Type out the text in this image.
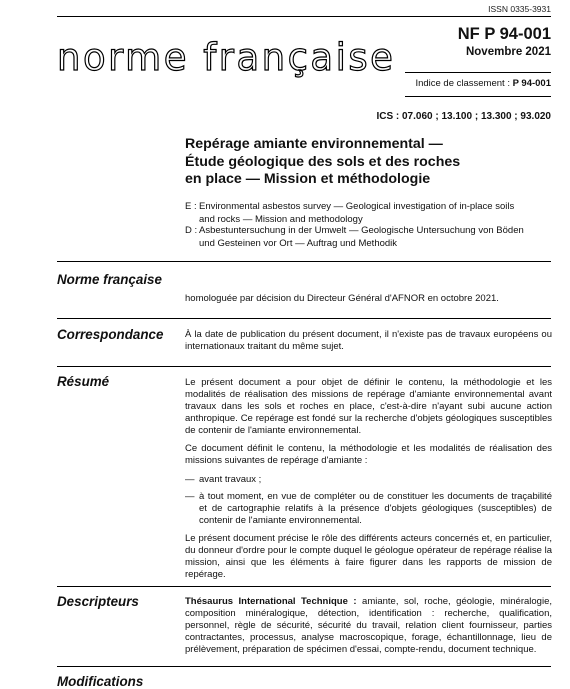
ISSN 0335-3931
norme française
NF P 94-001
Novembre 2021
Indice de classement : P 94-001
ICS : 07.060 ; 13.100 ; 13.300 ; 93.020
Repérage amiante environnemental —
Étude géologique des sols et des roches
en place — Mission et méthodologie
E : Environmental asbestos survey — Geological investigation of in-place soils
and rocks — Mission and methodology
D : Asbestuntersuchung in der Umwelt — Geologische Untersuchung von Böden
und Gesteinen vor Ort — Auftrag und Methodik
Norme française
homologuée par décision du Directeur Général d'AFNOR en octobre 2021.
Correspondance À la date de publication du présent document, il n'existe pas de travaux européens ou internationaux traitant du même sujet.
Résumé	Le présent document a pour objet de définir le contenu, la méthodologie et les modalités de réalisation des missions de repérage d'amiante environnemental avant travaux dans les sols et roches en place, c'est-à-dire n'ayant subi aucune action anthropique. Ce repérage est fondé sur la recherche d'objets géologiques susceptibles de contenir de l'amiante environnemental.
Ce document définit le contenu, la méthodologie et les modalités de réalisation des missions suivantes de repérage d'amiante :
— avant travaux ;
— à tout moment, en vue de compléter ou de constituer les documents de traçabilité et de cartographie relatifs à la présence d'objets géologiques (susceptibles) de contenir de l'amiante environnemental.
Le présent document précise le rôle des différents acteurs concernés et, en particulier, du donneur d'ordre pour le compte duquel le géologue opérateur de repérage réalise la mission, ainsi que les éléments à faire figurer dans les rapports de mission de repérage.
Descripteurs	Thésaurus International Technique : amiante, sol, roche, géologie, minéralogie, composition minéralogique, détection, identification : recherche, qualification, personnel, règle de sécurité, sécurité du travail, relation client fournisseur, parties contractantes, processus, analyse macroscopique, forage, échantillonnage, lieu de prélèvement, préparation de spécimen d'essai, compte-rendu, document technique.
Modifications
